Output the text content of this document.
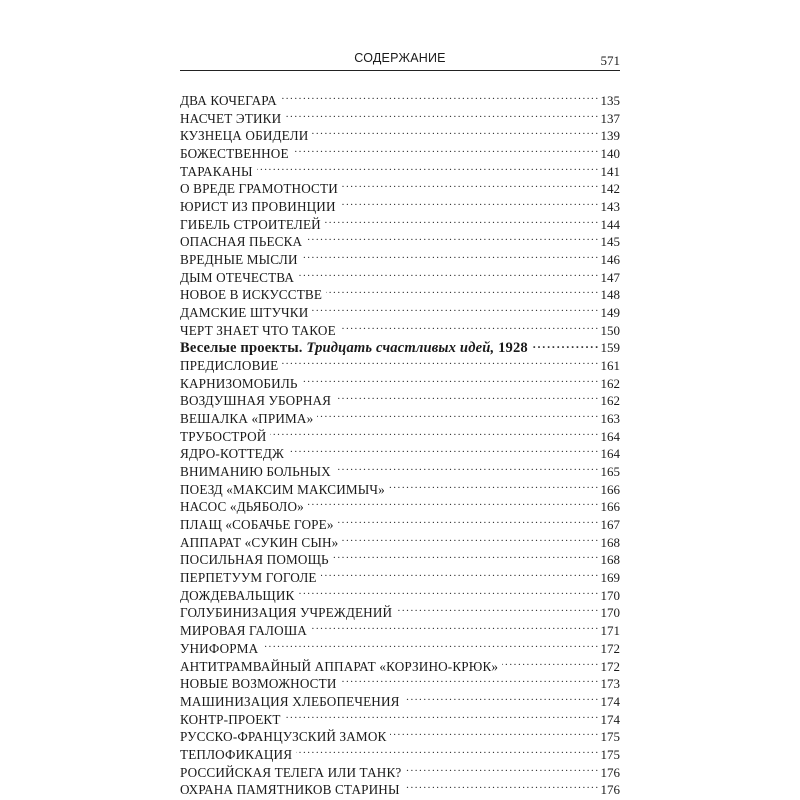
СОДЕРЖАНИЕ	571
ДВА КОЧЕГАРА . . .	135
НАСЧЕТ ЭТИКИ . . .	137
КУЗНЕЦА ОБИДЕЛИ . . .	139
БОЖЕСТВЕННОЕ . . .	140
ТАРАКАНЫ . . .	141
О ВРЕДЕ ГРАМОТНОСТИ . . .	142
ЮРИСТ ИЗ ПРОВИНЦИИ . . .	143
ГИБЕЛЬ СТРОИТЕЛЕЙ . . .	144
ОПАСНАЯ ПЬЕСКА . . .	145
ВРЕДНЫЕ МЫСЛИ . . .	146
ДЫМ ОТЕЧЕСТВА . . .	147
НОВОЕ В ИСКУССТВЕ . . .	148
ДАМСКИЕ ШТУЧКИ . . .	149
ЧЕРТ ЗНАЕТ ЧТО ТАКОЕ . . .	150
Веселые проекты. Тридцать счастливых идей, 1928 . . .	159
ПРЕДИСЛОВИЕ . . .	161
КАРНИЗОМОБИЛЬ . . .	162
ВОЗДУШНАЯ УБОРНАЯ . . .	162
ВЕШАЛКА «ПРИМА» . . .	163
ТРУБОСТРОЙ . . .	164
ЯДРО-КОТТЕДЖ . . .	164
ВНИМАНИЮ БОЛЬНЫХ . . .	165
ПОЕЗД «МАКСИМ МАКСИМЫЧ» . . .	166
НАСОС «ДЬЯБОЛО» . . .	166
ПЛАЩ «СОБАЧЬЕ ГОРЕ» . . .	167
АППАРАТ «СУКИН СЫН» . . .	168
ПОСИЛЬНАЯ ПОМОЩЬ . . .	168
ПЕРПЕТУУМ ГОГОЛЕ . . .	169
ДОЖДЕВАЛЬЩИК . . .	170
ГОЛУБИНИЗАЦИЯ УЧРЕЖДЕНИЙ . . .	170
МИРОВАЯ ГАЛОША . . .	171
УНИФОРМА . . .	172
АНТИТРАМВАЙНЫЙ АППАРАТ «КОРЗИНО-КРЮК» . . .	172
НОВЫЕ ВОЗМОЖНОСТИ . . .	173
МАШИНИЗАЦИЯ ХЛЕБОПЕЧЕНИЯ . . .	174
КОНТР-ПРОЕКТ . . .	174
РУССКО-ФРАНЦУЗСКИЙ ЗАМОК . . .	175
ТЕПЛОФИКАЦИЯ . . .	175
РОССИЙСКАЯ ТЕЛЕГА ИЛИ ТАНК? . . .	176
ОХРАНА ПАМЯТНИКОВ СТАРИНЫ . . .	176
